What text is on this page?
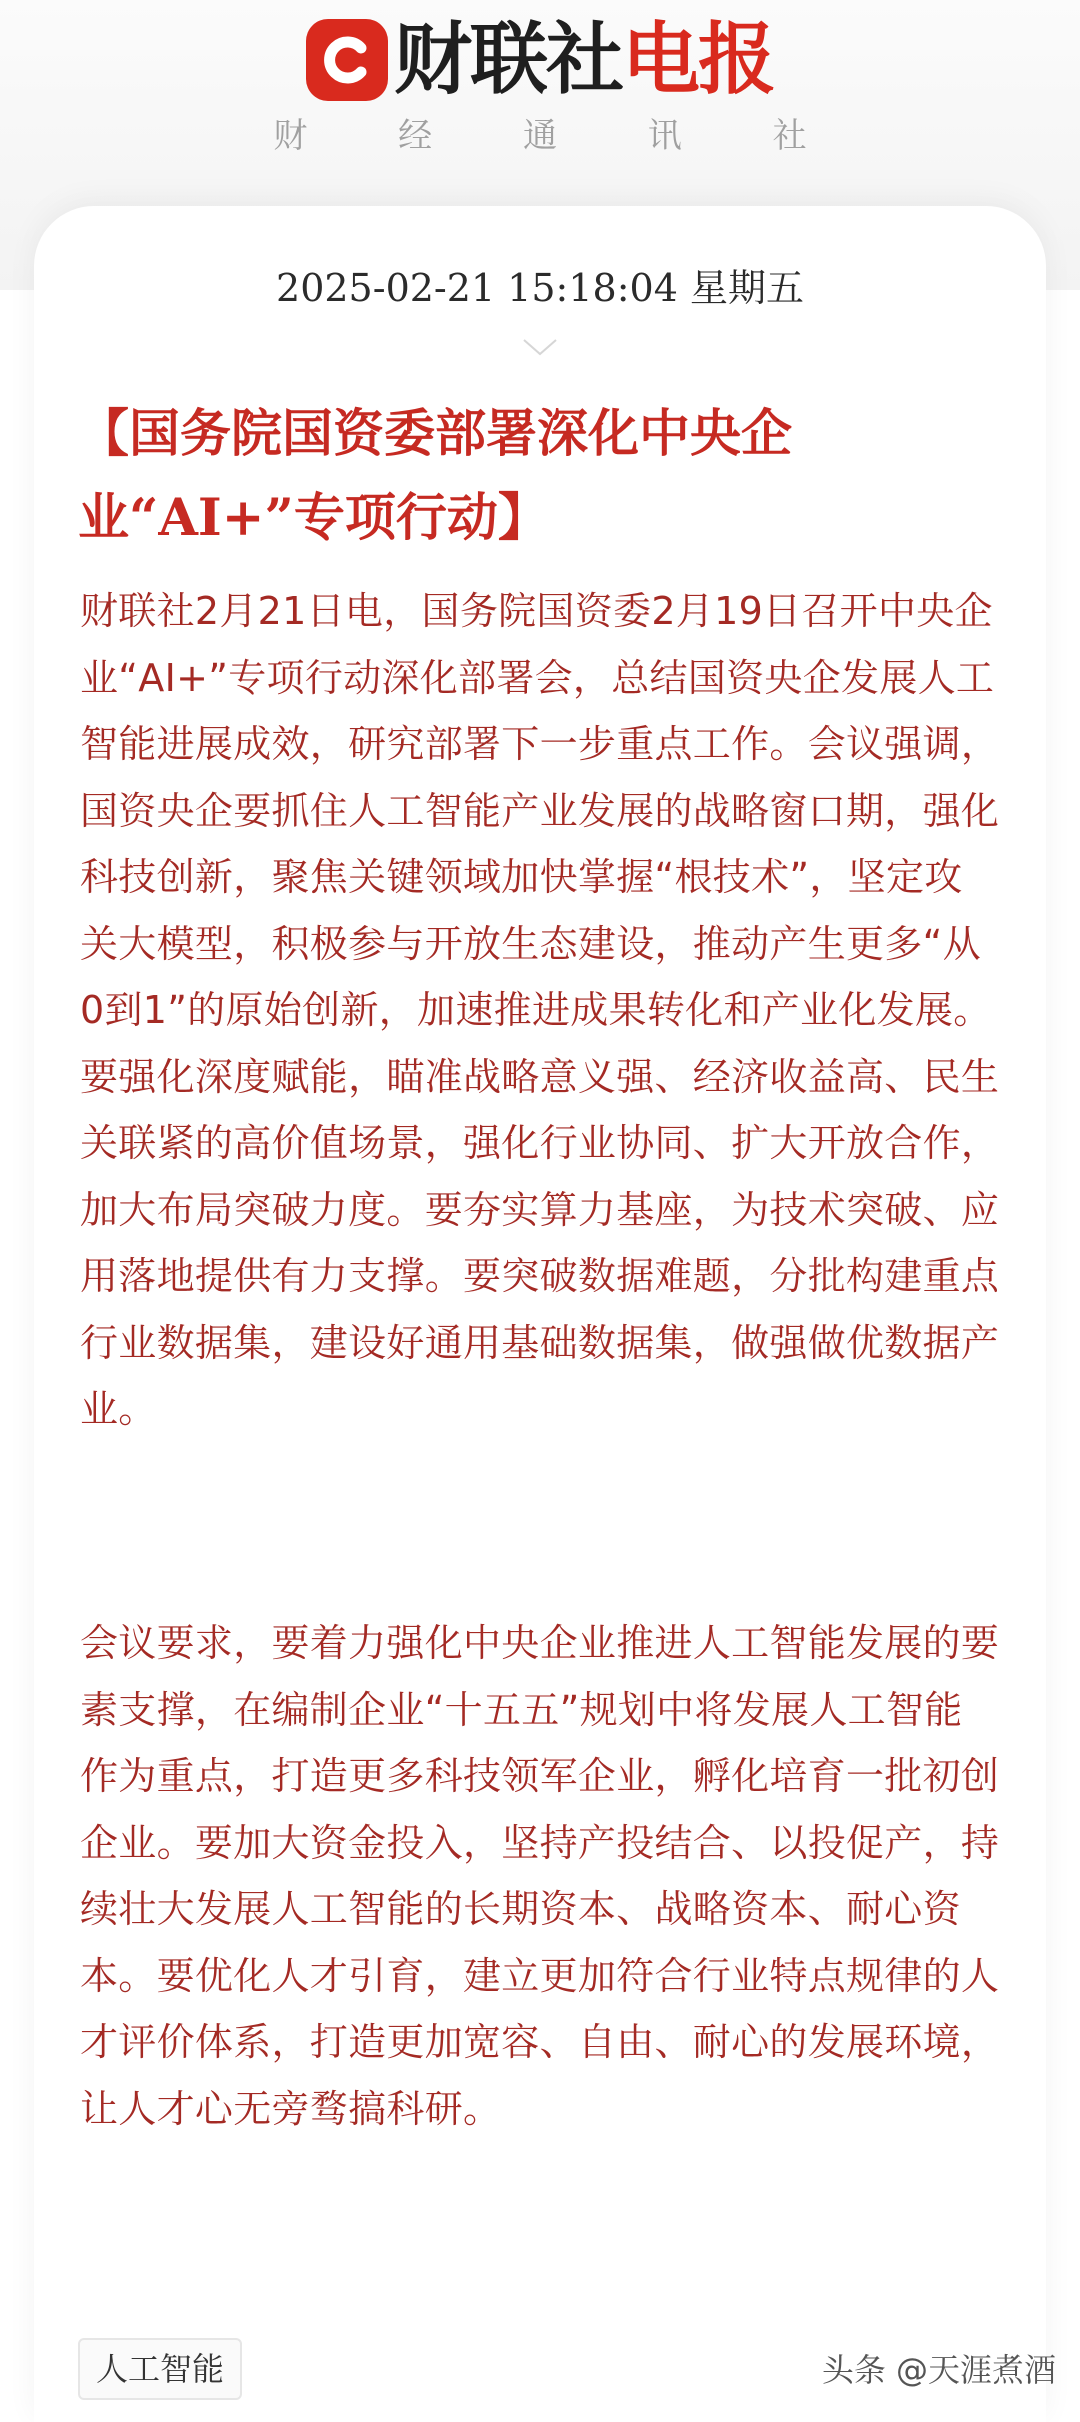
财联社电报
财 经 通 讯 社
2025-02-21 15:18:04 星期五
【国务院国资委部署深化中央企业“AI+”专项行动】

财联社2月21日电，国务院国资委2月19日召开中央企业“AI+”专项行动深化部署会，总结国资央企发展人工智能进展成效，研究部署下一步重点工作。会议强调，国资央企要抓住人工智能产业发展的战略窗口期，强化科技创新，聚焦关键领域加快掌握“根技术”，坚定攻关大模型，积极参与开放生态建设，推动产生更多“从0到1”的原始创新，加速推进成果转化和产业化发展。要强化深度赋能，瞄准战略意义强、经济收益高、民生关联紧的高价值场景，强化行业协同、扩大开放合作，加大布局突破力度。要夯实算力基座，为技术突破、应用落地提供有力支撑。要突破数据难题，分批构建重点行业数据集，建设好通用基础数据集，做强做优数据产业。

会议要求，要着力强化中央企业推进人工智能发展的要素支撑，在编制企业“十五五”规划中将发展人工智能作为重点，打造更多科技领军企业，孵化培育一批初创企业。要加大资金投入，坚持产投结合、以投促产，持续壮大发展人工智能的长期资本、战略资本、耐心资本。要优化人才引育，建立更加符合行业特点规律的人才评价体系，打造更加宽容、自由、耐心的发展环境，让人才心无旁骛搞科研。

人工智能	头条 @天涯煮酒
